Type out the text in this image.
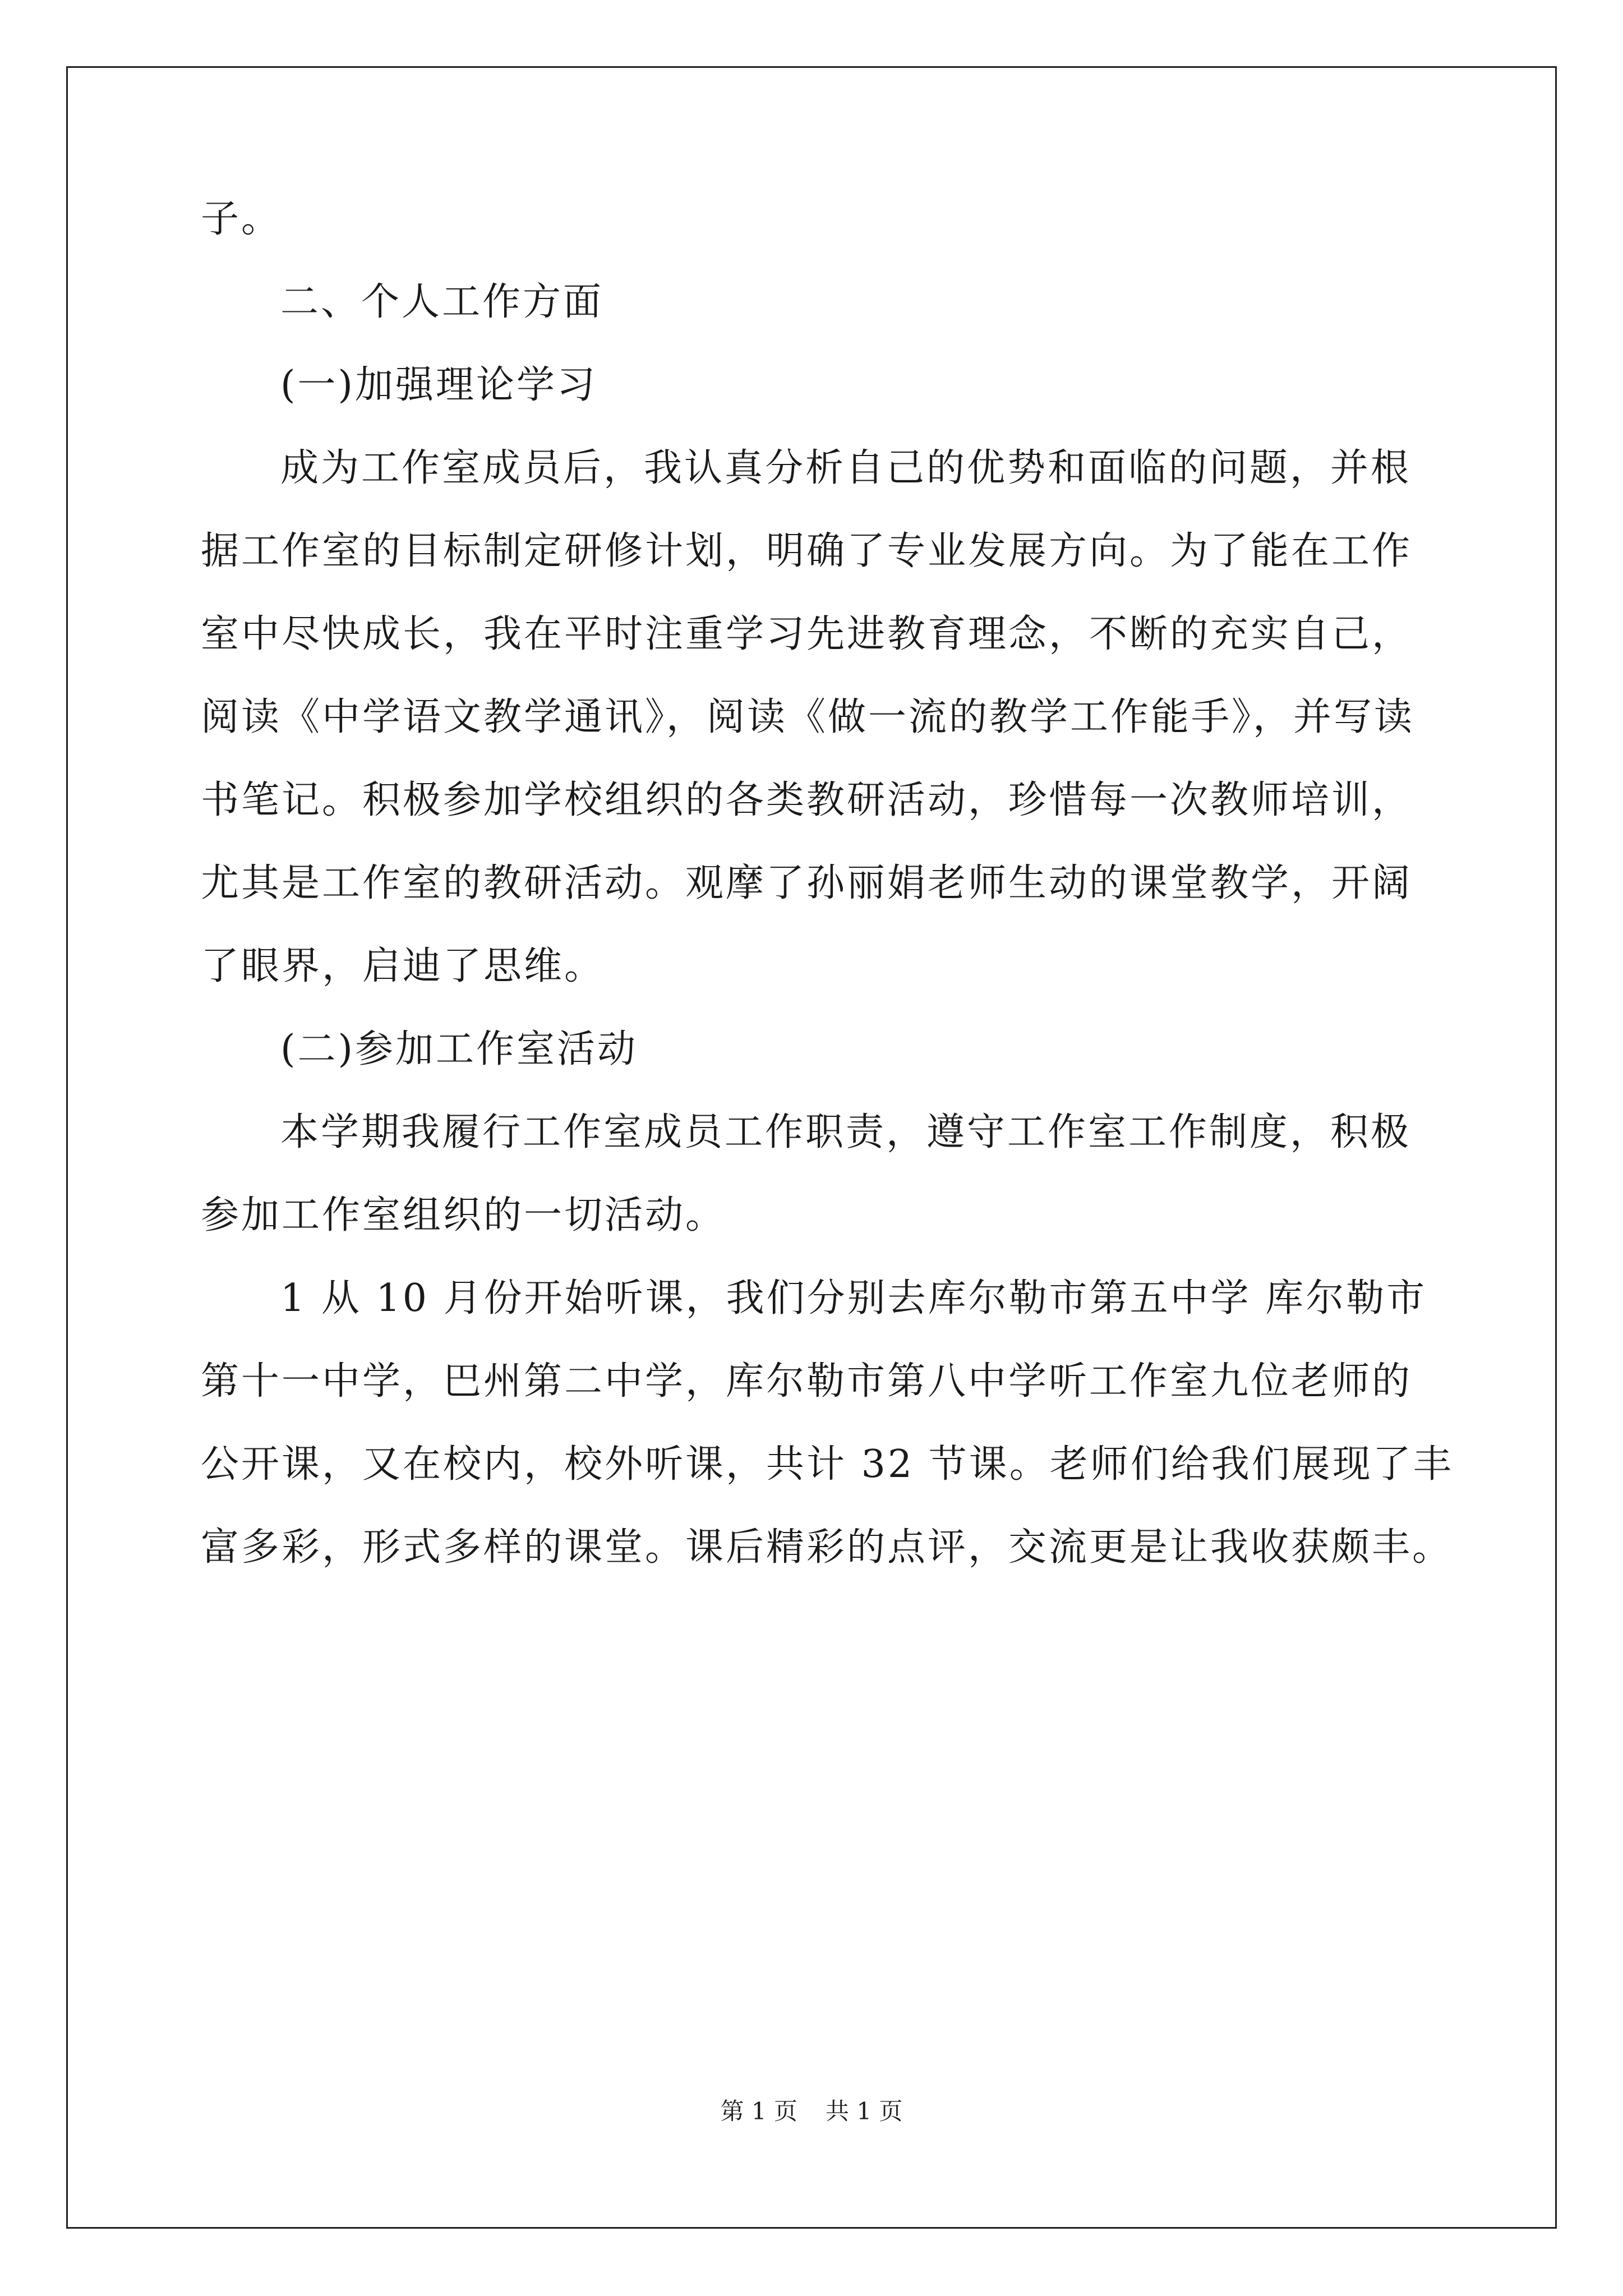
子。
二、个人工作方面
(一)加强理论学习
成为工作室成员后，我认真分析自己的优势和面临的问题，并根
据工作室的目标制定研修计划，明确了专业发展方向。为了能在工作
室中尽快成长，我在平时注重学习先进教育理念，不断的充实自己，
阅读《中学语文教学通讯》，阅读《做一流的教学工作能手》，并写读
书笔记。积极参加学校组织的各类教研活动，珍惜每一次教师培训，
尤其是工作室的教研活动。观摩了孙丽娟老师生动的课堂教学，开阔
了眼界，启迪了思维。
(二)参加工作室活动
本学期我履行工作室成员工作职责，遵守工作室工作制度，积极
参加工作室组织的一切活动。
1 从 10 月份开始听课，我们分别去库尔勒市第五中学 库尔勒市
第十一中学，巴州第二中学，库尔勒市第八中学听工作室九位老师的
公开课，又在校内，校外听课，共计 32 节课。老师们给我们展现了丰
富多彩，形式多样的课堂。课后精彩的点评，交流更是让我收获颇丰。
第 1 页 共 1 页
